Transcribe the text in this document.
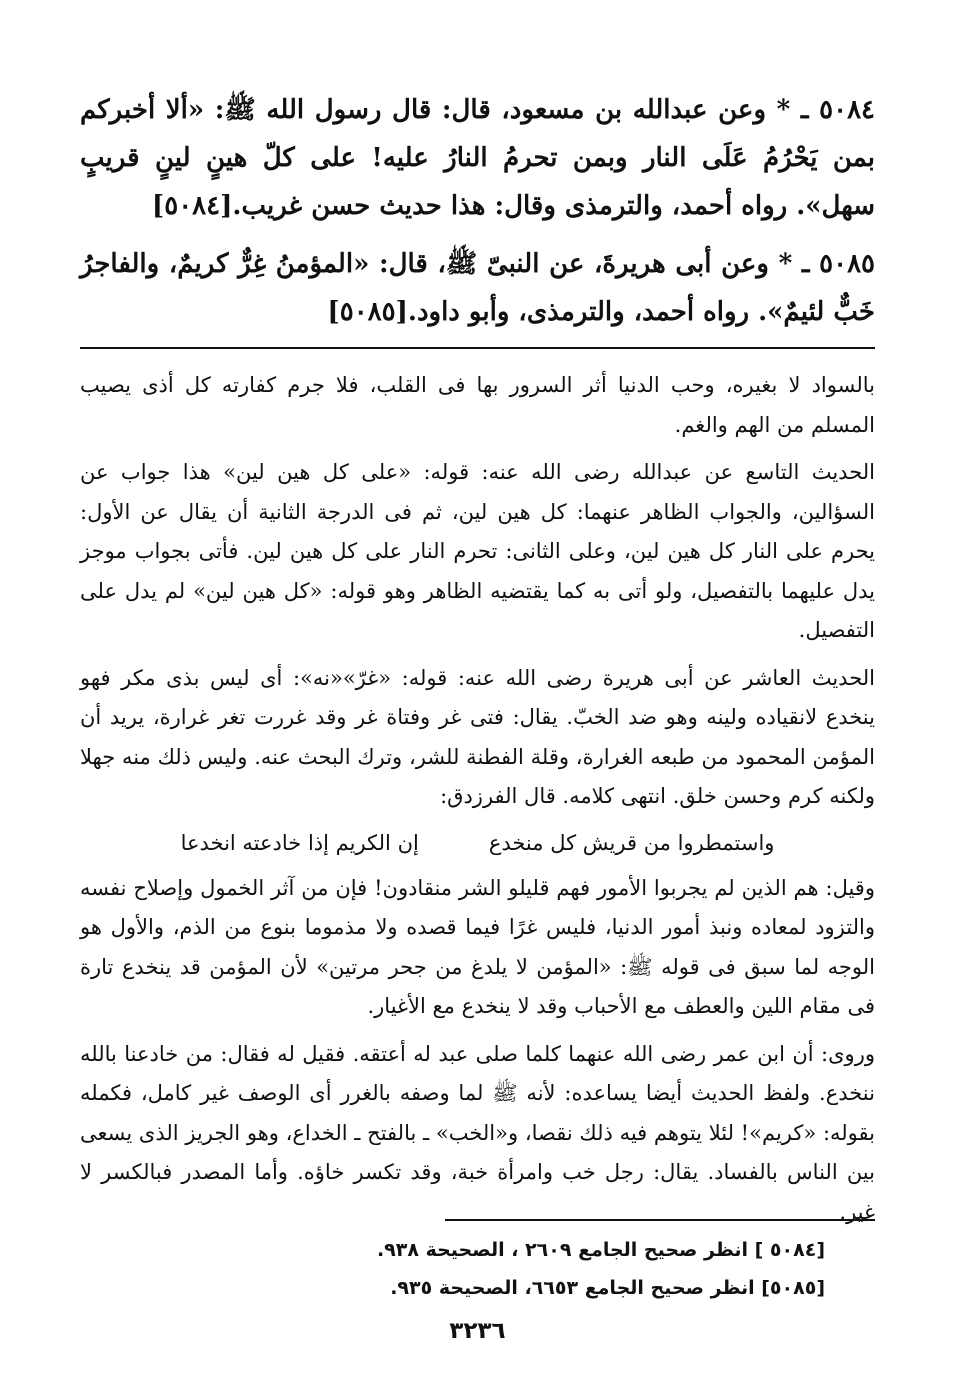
٥٠٨٤ ـ * وعن عبدالله بن مسعود، قال: قال رسول الله ﷺ: «ألا أخبركم بمن يَحْرُمُ عَلَى النار وبمن تحرمُ النارُ عليه! على كلّ هينٍ لينٍ قريبٍ سهل». رواه أحمد، والترمذى وقال: هذا حديث حسن غريب.[٥٠٨٤]
٥٠٨٥ ـ * وعن أبى هريرةَ، عن النبىّ ﷺ، قال: «المؤمنُ غِرٌّ كريمٌ، والفاجرُ خَبٌّ لئيمٌ». رواه أحمد، والترمذى، وأبو داود.[٥٠٨٥]

بالسواد لا بغيره، وحب الدنيا أثر السرور بها فى القلب، فلا جرم كفارته كل أذى يصيب المسلم من الهم والغم.

الحديث التاسع عن عبدالله رضى الله عنه: قوله: «على كل هين لين» هذا جواب عن السؤالين، والجواب الظاهر عنهما: كل هين لين، ثم فى الدرجة الثانية أن يقال عن الأول: يحرم على النار كل هين لين، وعلى الثانى: تحرم النار على كل هين لين. فأتى بجواب موجز يدل عليهما بالتفصيل، ولو أتى به كما يقتضيه الظاهر وهو قوله: «كل هين لين» لم يدل على التفصيل.

الحديث العاشر عن أبى هريرة رضى الله عنه: قوله: «غرّ»«نه»: أى ليس بذى مكر فهو ينخدع لانقياده ولينه وهو ضد الخبّ. يقال: فتى غر وفتاة غر وقد غررت تغر غرارة، يريد أن المؤمن المحمود من طبعه الغرارة، وقلة الفطنة للشر، وترك البحث عنه. وليس ذلك منه جهلا ولكنه كرم وحسن خلق. انتهى كلامه. قال الفرزدق:

واستمطروا من قريش كل منخدع
إن الكريم إذا خادعته انخدعا

وقيل: هم الذين لم يجربوا الأمور فهم قليلو الشر منقادون! فإن من آثر الخمول وإصلاح نفسه والتزود لمعاده ونبذ أمور الدنيا، فليس غرًا فيما قصده ولا مذموما بنوع من الذم، والأول هو الوجه لما سبق فى قوله ﷺ: «المؤمن لا يلدغ من جحر مرتين» لأن المؤمن قد ينخدع تارة فى مقام اللين والعطف مع الأحباب وقد لا ينخدع مع الأغيار.

وروى: أن ابن عمر رضى الله عنهما كلما صلى عبد له أعتقه. فقيل له فقال: من خادعنا بالله ننخدع. ولفظ الحديث أيضا يساعده: لأنه ﷺ لما وصفه بالغرر أى الوصف غير كامل، فكمله بقوله: «كريم»! لئلا يتوهم فيه ذلك نقصا، و«الخب» ـ بالفتح ـ الخداع، وهو الجريز الذى يسعى بين الناس بالفساد. يقال: رجل خب وامرأة خبة، وقد تكسر خاؤه. وأما المصدر فبالكسر لا غير.

[٥٠٨٤ ] انظر صحيح الجامع ٢٦٠٩ ، الصحيحة ٩٣٨.
[٥٠٨٥] انظر صحيح الجامع ٦٦٥٣، الصحيحة ٩٣٥.
٣٢٣٦
